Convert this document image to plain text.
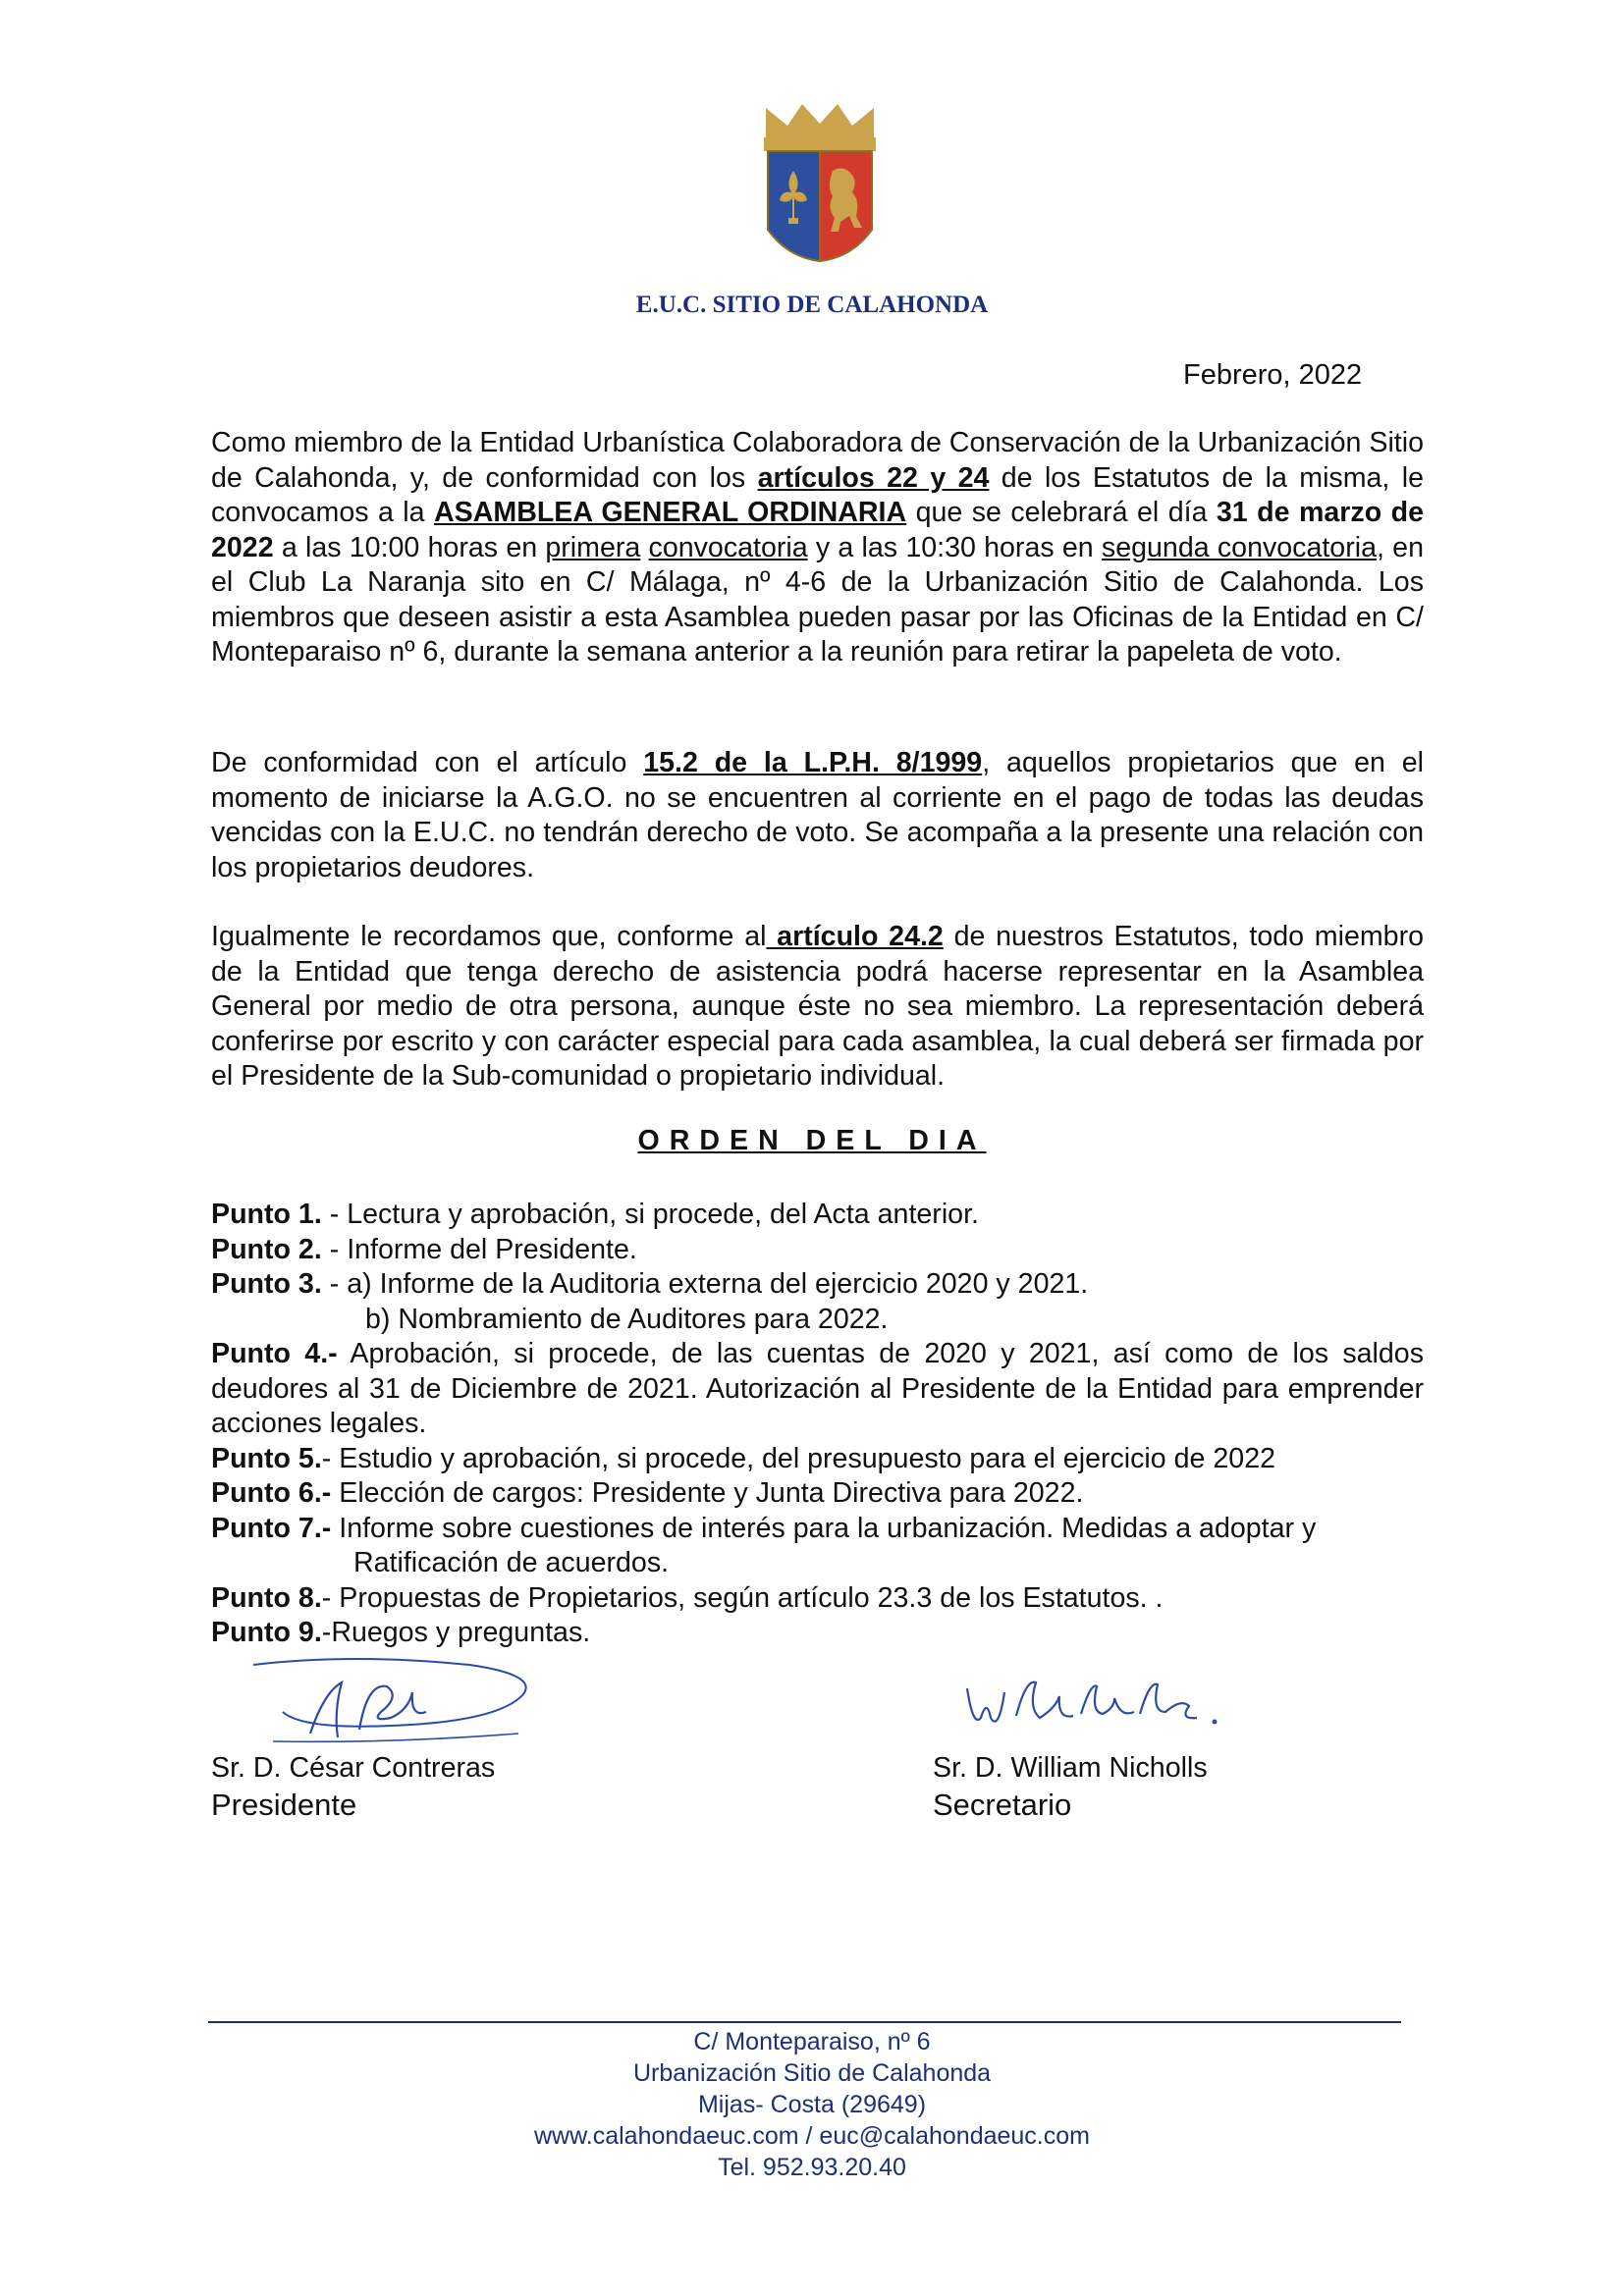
E.U.C. SITIO DE CALAHONDA
Febrero, 2022
Como miembro de la Entidad Urbanística Colaboradora de Conservación de la Urbanización Sitio de Calahonda, y, de conformidad con los artículos 22 y 24 de los Estatutos de la misma, le convocamos a la ASAMBLEA GENERAL ORDINARIA que se celebrará el día 31 de marzo de 2022 a las 10:00 horas en primera convocatoria y a las 10:30 horas en segunda convocatoria, en el Club La Naranja sito en C/ Málaga, nº 4-6 de la Urbanización Sitio de Calahonda. Los miembros que deseen asistir a esta Asamblea pueden pasar por las Oficinas de la Entidad en C/ Monteparaiso nº 6, durante la semana anterior a la reunión para retirar la papeleta de voto.
De conformidad con el artículo 15.2 de la L.P.H. 8/1999, aquellos propietarios que en el momento de iniciarse la A.G.O. no se encuentren al corriente en el pago de todas las deudas vencidas con la E.U.C. no tendrán derecho de voto. Se acompaña a la presente una relación con los propietarios deudores.
Igualmente le recordamos que, conforme al artículo 24.2 de nuestros Estatutos, todo miembro de la Entidad que tenga derecho de asistencia podrá hacerse representar en la Asamblea General por medio de otra persona, aunque éste no sea miembro. La representación deberá conferirse por escrito y con carácter especial para cada asamblea, la cual deberá ser firmada por el Presidente de la Sub-comunidad o propietario individual.
ORDEN DEL DIA
Punto 1. - Lectura y aprobación, si procede, del Acta anterior.
Punto 2. - Informe del Presidente.
Punto 3. - a) Informe de la Auditoria externa del ejercicio 2020 y 2021.
b) Nombramiento de Auditores para 2022.
Punto 4.- Aprobación, si procede, de las cuentas de 2020 y 2021, así como de los saldos deudores al 31 de Diciembre de 2021. Autorización al Presidente de la Entidad para emprender acciones legales.
Punto 5.- Estudio y aprobación, si procede, del presupuesto para el ejercicio de 2022
Punto 6.- Elección de cargos: Presidente y Junta Directiva para 2022.
Punto 7.- Informe sobre cuestiones de interés para la urbanización. Medidas a adoptar y
Ratificación de acuerdos.
Punto 8.- Propuestas de Propietarios, según artículo 23.3 de los Estatutos. .
Punto 9.-Ruegos y preguntas.
Sr. D. César Contreras
Presidente
Sr. D. William Nicholls
Secretario
C/ Monteparaiso, nº 6
Urbanización Sitio de Calahonda
Mijas- Costa (29649)
www.calahondaeuc.com / euc@calahondaeuc.com
Tel. 952.93.20.40
